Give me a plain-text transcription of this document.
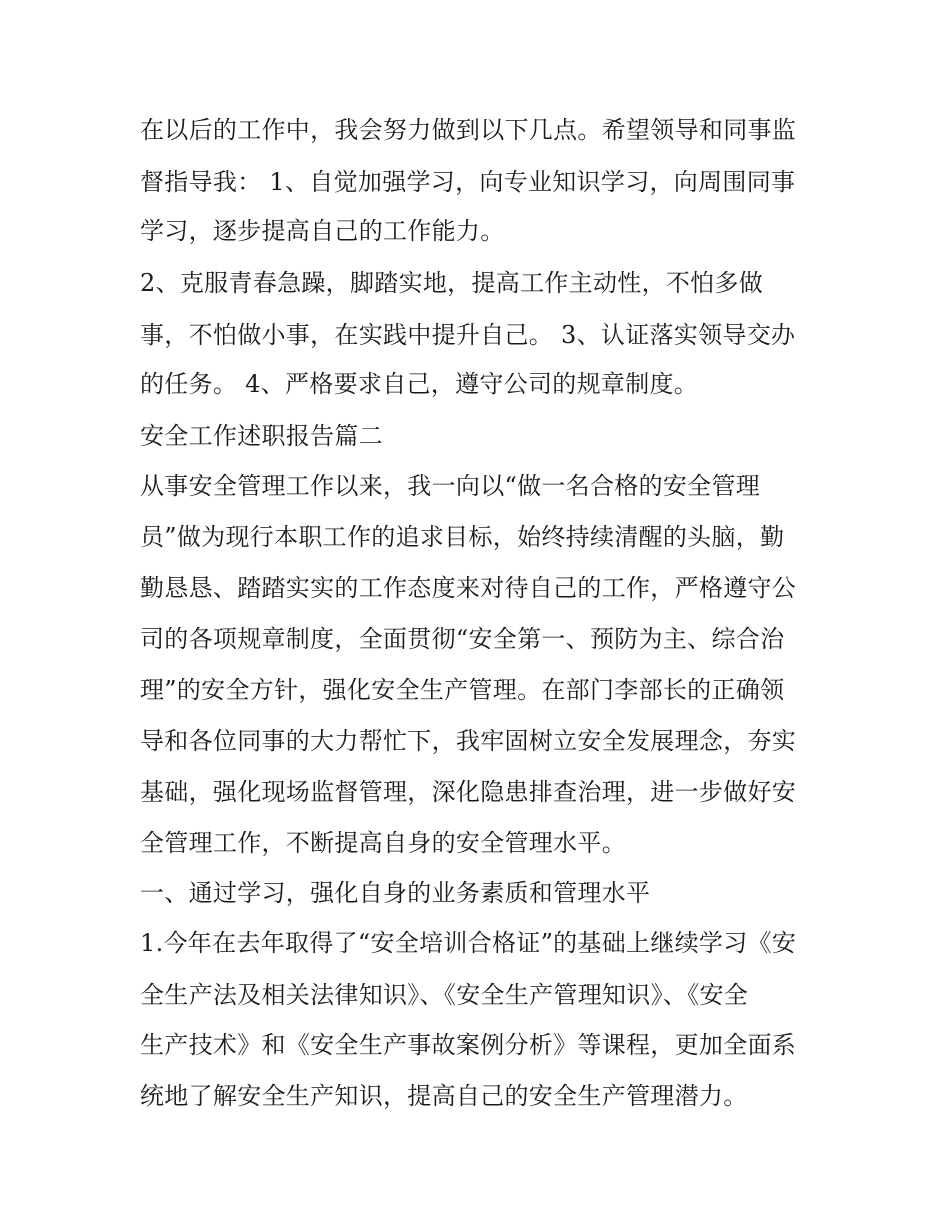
在以后的工作中，我会努力做到以下几点。希望领导和同事监
督指导我： 1、自觉加强学习，向专业知识学习，向周围同事
学习，逐步提高自己的工作能力。
2、克服青春急躁，脚踏实地，提高工作主动性，不怕多做
事，不怕做小事，在实践中提升自己。 3、认证落实领导交办
的任务。 4、严格要求自己，遵守公司的规章制度。
安全工作述职报告篇二
从事安全管理工作以来，我一向以“做一名合格的安全管理
员”做为现行本职工作的追求目标，始终持续清醒的头脑，勤
勤恳恳、踏踏实实的工作态度来对待自己的工作，严格遵守公
司的各项规章制度，全面贯彻“安全第一、预防为主、综合治
理”的安全方针，强化安全生产管理。在部门李部长的正确领
导和各位同事的大力帮忙下，我牢固树立安全发展理念，夯实
基础，强化现场监督管理，深化隐患排查治理，进一步做好安
全管理工作，不断提高自身的安全管理水平。
一、通过学习，强化自身的业务素质和管理水平
1.今年在去年取得了“安全培训合格证”的基础上继续学习《安
全生产法及相关法律知识》、《安全生产管理知识》、《安全
生产技术》和《安全生产事故案例分析》等课程，更加全面系
统地了解安全生产知识，提高自己的安全生产管理潜力。
